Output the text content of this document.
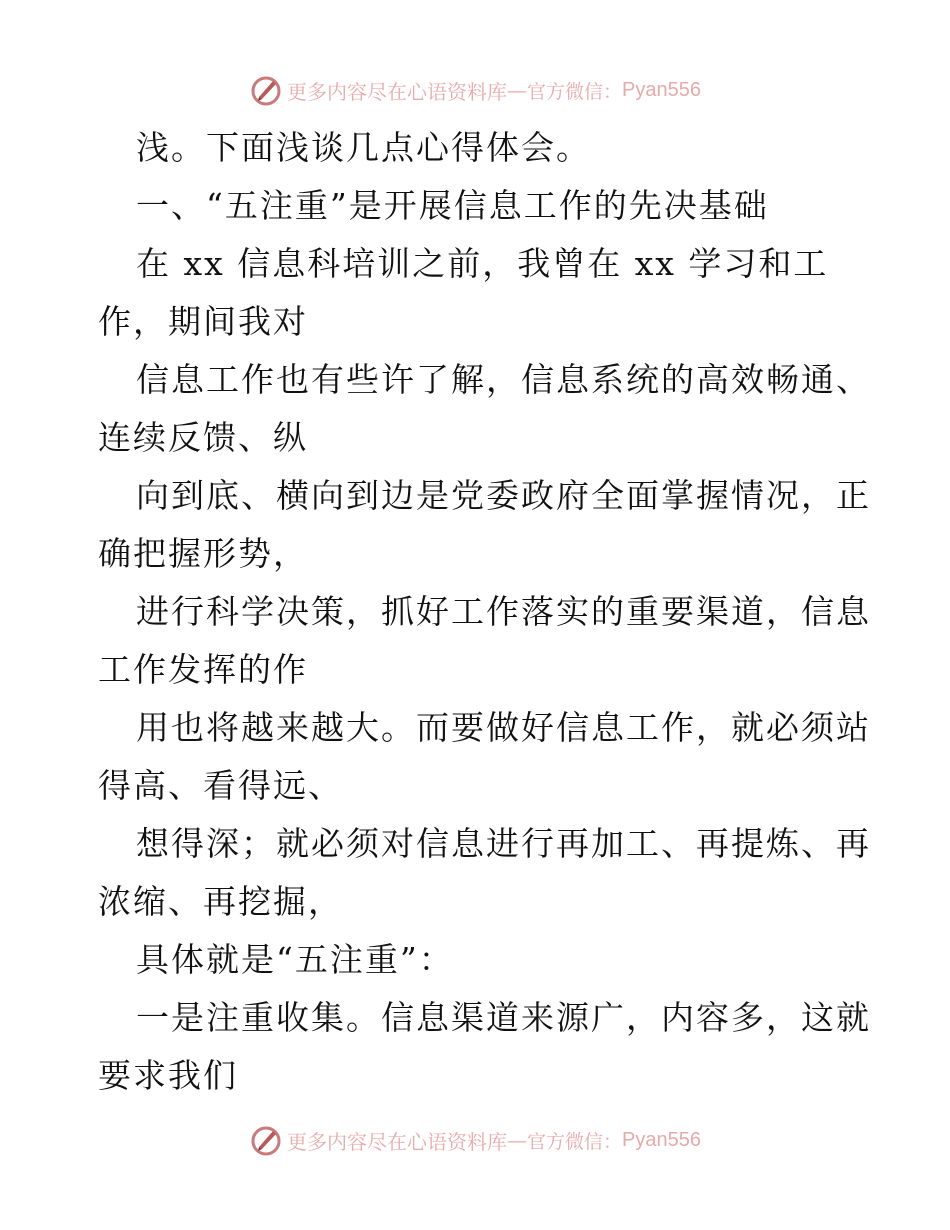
更多内容尽在心语资料库 — 官方微信： Pyan556
浅。下面浅谈几点心得体会。
一、“五注重”是开展信息工作的先决基础
在 xx 信息科培训之前，我曾在 xx 学习和工
作，期间我对
信息工作也有些许了解，信息系统的高效畅通、
连续反馈、纵
向到底、横向到边是党委政府全面掌握情况，正
确把握形势，
进行科学决策，抓好工作落实的重要渠道，信息
工作发挥的作
用也将越来越大。而要做好信息工作，就必须站
得高、看得远、
想得深；就必须对信息进行再加工、再提炼、再
浓缩、再挖掘，
具体就是“五注重”：
一是注重收集。信息渠道来源广，内容多，这就
要求我们
更多内容尽在心语资料库 — 官方微信： Pyan556
